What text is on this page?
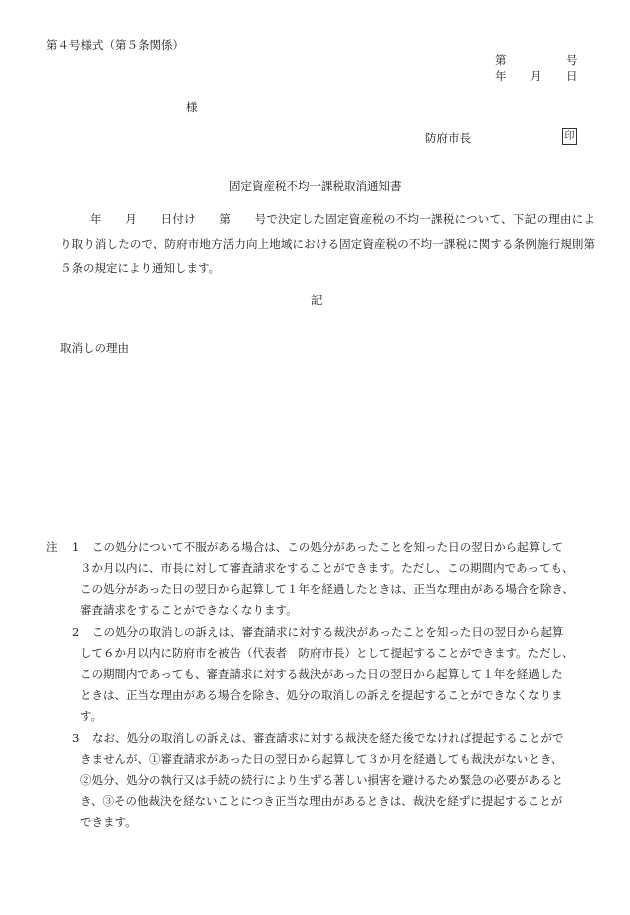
第４号様式（第５条関係）
第	号
年	月	日
様
防府市長	印
固定資産税不均一課税取消通知書
年　　月　　日付け　　第　　号で決定した固定資産税の不均一課税について、下記の理由により取り消したので、防府市地方活力向上地域における固定資産税の不均一課税に関する条例施行規則第５条の規定により通知します。
記
取消しの理由
注 1	この処分について不服がある場合は、この処分があったことを知った日の翌日から起算して
３か月以内に、市長に対して審査請求をすることができます。ただし、この期間内であっても、
この処分があった日の翌日から起算して１年を経過したときは、正当な理由がある場合を除き、
審査請求をすることができなくなります。
2	この処分の取消しの訴えは、審査請求に対する裁決があったことを知った日の翌日から起算
して６か月以内に防府市を被告（代表者　防府市長）として提起することができます。ただし、
この期間内であっても、審査請求に対する裁決があった日の翌日から起算して１年を経過した
ときは、正当な理由がある場合を除き、処分の取消しの訴えを提起することができなくなりま
す。
3	なお、処分の取消しの訴えは、審査請求に対する裁決を経た後でなければ提起することがで
きませんが、①審査請求があった日の翌日から起算して３か月を経過しても裁決がないとき、
②処分、処分の執行又は手続の続行により生ずる著しい損害を避けるため緊急の必要があると
き、③その他裁決を経ないことにつき正当な理由があるときは、裁決を経ずに提起することが
できます。
